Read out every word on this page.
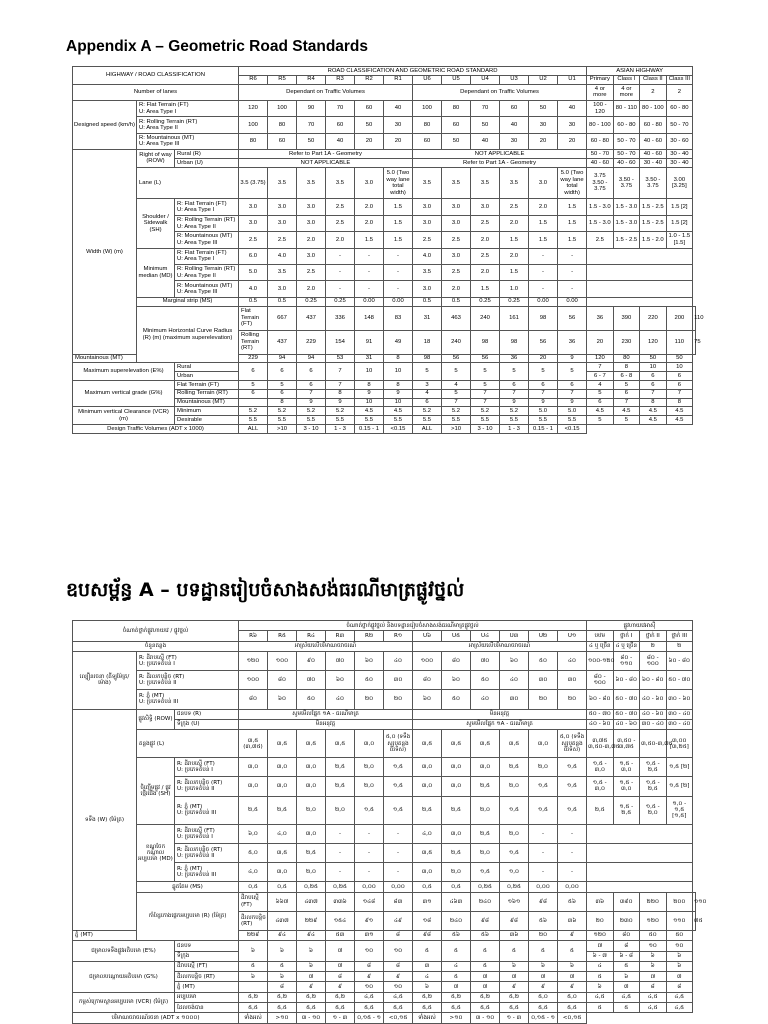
Appendix A – Geometric Road Standards
HIGHWAY / ROAD CLASSIFICATION			ROAD CLASSIFICATION AND GEOMETRIC ROAD STANDARD												ASIAN HIGHWAY				
			R6	R5	R4	R3	R2	R1	U6	U5	U4	U3	U2	U1	Primary	Class I	Class II	Class III	
Number of lanes			Dependant on Traffic Volumes						Dependant on Traffic Volumes						4 or more	4 or more	2	2	
Designed speed (km/h)	R: Flat Terrain (FT)
U: Area Type I		120	100	90	70	60	40	100	80	70	60	50	40	100 - 120	80 - 110	80 - 100	60 - 80	

	R: Rolling Terrain (RT)
U: Area Type II		100	80	70	60	50	30	80	60	50	40	30	30	80 - 100	60 - 80	60 - 80	50 - 70	

	R: Mountainous (MT)
U: Area Type III		80	60	50	40	20	20	60	50	40	30	20	20	60 - 80	50 - 70	40 - 60	30 - 60	
Width (W) (m)	Right of way (ROW)	Rural (R)	Refer to Part 1A - Geometry						NOT APPLICABLE						50 - 70	50 - 70	40 - 60	30 - 40	
		Urban (U)	NOT APPLICABLE						Refer to Part 1A - Geometry						40 - 60	40 - 60	30 - 40	30 - 40	
	Lane (L)		3.5 (3.75)	3.5	3.5	3.5	3.0	5.0 (Two way lane total width)	3.5	3.5	3.5	3.5	3.0	5.0 (Two way lane total width)	3.75 3.50 - 3.75	3.50 - 3.75	3.50 - 3.75	3.00 [3.25]	
	Shoulder / Sidewalk (SH)	R: Flat Terrain (FT)
U: Area Type I	3.0	3.0	3.0	2.5	2.0	1.5	3.0	3.0	3.0	2.5	2.0	1.5	1.5 - 3.0	1.5 - 3.0	1.5 - 2.5	1.5 [2]	

		R: Rolling Terrain (RT)
U: Area Type II	3.0	3.0	3.0	2.5	2.0	1.5	3.0	3.0	2.5	2.0	1.5	1.5	1.5 - 3.0	1.5 - 3.0	1.5 - 2.5	1.5 [2]	

		R: Mountainous (MT)
U: Area Type III	2.5	2.5	2.0	2.0	1.5	1.5	2.5	2.5	2.0	1.5	1.5	1.5	2.5	1.5 - 2.5	1.5 - 2.0	1.0 - 1.5 [1.5]	
	Minimum median (MD)	R: Flat Terrain (FT)
U: Area Type I	6.0	4.0	3.0	-	-	-	4.0	3.0	2.5	2.0	-	-					

		R: Rolling Terrain (RT)
U: Area Type II	5.0	3.5	2.5	-	-	-	3.5	2.5	2.0	1.5	-	-					

		R: Mountainous (MT)
U: Area Type III	4.0	3.0	2.0	-	-	-	3.0	2.0	1.5	1.0	-	-					
	Marginal strip (MS)		0.5	0.5	0.25	0.25	0.00	0.00	0.5	0.5	0.25	0.25	0.00	0.00					
	Minimum Horizontal Curve Radius (R) (m) (maximum superelevation)		Flat Terrain (FT)	667	437	336	148	83	31	463	240	161	98	56	36	390	220	200	110
			Rolling Terrain (RT)	437	229	154	91	49	18	240	98	98	56	36	20	230	120	110	75
Mountainous (MT)			229	94	94	53	31	8	98	56	56	36	20	9	120	80	50	50	
Maximum superelevation (E%)		Rural	6	6	6	7	10	10	5	5	5	5	5	5	7	8	10	10	
		Urban													6 - 7	6 - 8	6	6	
Maximum vertical grade (G%)		Flat Terrain (FT)	5	5	6	7	8	8	3	4	5	6	6	6	4	5	6	6	
		Rolling Terrain (RT)	6	6	7	8	9	9	4	5	7	7	7	7	5	6	7	7	
		Mountainous (MT)		8	9	9	10	10	6	7	7	9	9	9	6	7	8	8	
Minimum vertical Clearance (VCR) (m)		Minimum	5.2	5.2	5.2	5.2	4.5	4.5	5.2	5.2	5.2	5.2	5.0	5.0	4.5	4.5	4.5	4.5	
		Desirable	5.5	5.5	5.5	5.5	5.5	5.5	5.5	5.5	5.5	5.5	5.5	5.5	5	5	4.5	4.5	
Design Traffic Volumes (ADT x 1000)			ALL	>10	3 - 10	1 - 3	0.15 - 1	<0.15	ALL	>10	3 - 10	1 - 3	0.15 - 1	<0.15					
ឧបសម្ព័ន្ធ A – បទដ្ឋានរៀបចំសាងសង់ធរណីមាត្រផ្លូវថ្នល់
ចំណាត់ថ្នាក់ផ្លូវហាយវេ / ផ្លូវថ្នល់			ចំណាត់ថ្នាក់ផ្លូវថ្នល់ និងបទដ្ឋានរៀបចំសាងសង់ធរណីមាត្រផ្លូវថ្នល់												ផ្លូវហាយវេអាស៊ី				
			R៦	R៥	R៤	R៣	R២	R១	U៦	U៥	U៤	U៣	U២	U១	បឋម	ថ្នាក់ I	ថ្នាក់ II	ថ្នាក់ III	
ចំនួនគន្លង			អាស្រ័យលើបរិមាណចរាចរណ៍						អាស្រ័យលើបរិមាណចរាចរណ៍						៤ ឬ ច្រើន	៤ ឬ ច្រើន	២	២	
ល្បឿនរចនា (គីឡូម៉ែត្រ/ម៉ោង)	R: ដីរាបស្មើ (FT)
U: ប្រភេទតំបន់ I		១២០	១០០	៩០	៧០	៦០	៤០	១០០	៨០	៧០	៦០	៥០	៤០	១០០-១២០	៨០ - ១១០	៨០ - ១០០	៦០ - ៨០	

	R: ដីរលកបន្តិច (RT)
U: ប្រភេទតំបន់ II		១០០	៨០	៧០	៦០	៥០	៣០	៨០	៦០	៥០	៤០	៣០	៣០	៨០ - ១០០	៦០ - ៨០	៦០ - ៨០	៥០ - ៧០	

	R: ភ្នំ (MT)
U: ប្រភេទតំបន់ III		៨០	៦០	៥០	៤០	២០	២០	៦០	៥០	៤០	៣០	២០	២០	៦០ - ៨០	៥០ - ៧០	៤០ - ៦០	៣០ - ៦០	
ទទឹង (W) (ម៉ែត្រ)	ផ្លូវសិទ្ធិ (ROW)	ជនបទ (R)	សូមមើលផ្នែក ១A - ធរណីមាត្រ						មិនអនុវត្ត						៥០ - ៧០	៥០ - ៧០	៤០ - ៦០	៣០ - ៤០	
		ទីក្រុង (U)	មិនអនុវត្ត						សូមមើលផ្នែក ១A - ធរណីមាត្រ						៤០ - ៦០	៤០ - ៦០	៣០ - ៤០	៣០ - ៤០	
	គន្លងផ្លូវ (L)		៣,៥ (៣,៧៥)	៣,៥	៣,៥	៣,៥	៣,០	៥,០ (ទទឹងសរុបគន្លងពីរទិស)	៣,៥	៣,៥	៣,៥	៣,៥	៣,០	៥,០ (ទទឹងសរុបគន្លងពីរទិស)	៣,៧៥ ៣,៥០-៣,៧៥	៣,៥០ - ៣,៧៥	៣,៥០-៣,៧៥	៣,០០ [៣,២៥]	
	ចិញ្ចើមផ្លូវ / ផ្លូវថ្មើរជើង (SH)	R: ដីរាបស្មើ (FT)
U: ប្រភេទតំបន់ I	៣,០	៣,០	៣,០	២,៥	២,០	១,៥	៣,០	៣,០	៣,០	២,៥	២,០	១,៥	១,៥ - ៣,០	១,៥ - ៣,០	១,៥ - ២,៥	១,៥ [២]	

		R: ដីរលកបន្តិច (RT)
U: ប្រភេទតំបន់ II	៣,០	៣,០	៣,០	២,៥	២,០	១,៥	៣,០	៣,០	២,៥	២,០	១,៥	១,៥	១,៥ - ៣,០	១,៥ - ៣,០	១,៥ - ២,៥	១,៥ [២]	

		R: ភ្នំ (MT)
U: ប្រភេទតំបន់ III	២,៥	២,៥	២,០	២,០	១,៥	១,៥	២,៥	២,៥	២,០	១,៥	១,៥	១,៥	២,៥	១,៥ - ២,៥	១,៥ - ២,០	១,០ - ១,៥ [១,៥]	
	ខណ្ឌចែកកណ្តាលអប្បបរមា (MD)	R: ដីរាបស្មើ (FT)
U: ប្រភេទតំបន់ I	៦,០	៤,០	៣,០	-	-	-	៤,០	៣,០	២,៥	២,០	-	-					

		R: ដីរលកបន្តិច (RT)
U: ប្រភេទតំបន់ II	៥,០	៣,៥	២,៥	-	-	-	៣,៥	២,៥	២,០	១,៥	-	-					

		R: ភ្នំ (MT)
U: ប្រភេទតំបន់ III	៤,០	៣,០	២,០	-	-	-	៣,០	២,០	១,៥	១,០	-	-					
	ឆ្នូតគែម (MS)		០,៥	០,៥	០,២៥	០,២៥	០,០០	០,០០	០,៥	០,៥	០,២៥	០,២៥	០,០០	០,០០					
	កាំខ្សែកោងផ្តេកអប្បបរមា (R) (ម៉ែត្រ)		ដីរាបស្មើ (FT)	៦៦៧	៤៣៧	៣៣៦	១៤៨	៨៣	៣១	៤៦៣	២៤០	១៦១	៩៨	៥៦	៣៦	៣៩០	២២០	២០០	១១០
			ដីរលកបន្តិច (RT)	៤៣៧	២២៩	១៥៤	៩១	៤៩	១៨	២៤០	៩៨	៩៨	៥៦	៣៦	២០	២៣០	១២០	១១០	៧៥
ភ្នំ (MT)			២២៩	៩៤	៩៤	៥៣	៣១	៨	៩៨	៥៦	៥៦	៣៦	២០	៩	១២០	៨០	៥០	៥០	
ជម្រាលទទឹងផ្លូវអតិបរមា (E%)		ជនបទ	៦	៦	៦	៧	១០	១០	៥	៥	៥	៥	៥	៥	៧	៨	១០	១០	
		ទីក្រុង													៦ - ៧	៦ - ៨	៦	៦	
ជម្រាលបណ្តោយអតិបរមា (G%)		ដីរាបស្មើ (FT)	៥	៥	៦	៧	៨	៨	៣	៤	៥	៦	៦	៦	៤	៥	៦	៦	
		ដីរលកបន្តិច (RT)	៦	៦	៧	៨	៩	៩	៤	៥	៧	៧	៧	៧	៥	៦	៧	៧	
		ភ្នំ (MT)		៨	៩	៩	១០	១០	៦	៧	៧	៩	៩	៩	៦	៧	៨	៨	
កម្ពស់ក្រោមស្ពានអប្បបរមា (VCR) (ម៉ែត្រ)		អប្បបរមា	៥,២	៥,២	៥,២	៥,២	៤,៥	៤,៥	៥,២	៥,២	៥,២	៥,២	៥,០	៥,០	៤,៥	៤,៥	៤,៥	៤,៥	
		ដែលចង់បាន	៥,៥	៥,៥	៥,៥	៥,៥	៥,៥	៥,៥	៥,៥	៥,៥	៥,៥	៥,៥	៥,៥	៥,៥	៥	៥	៤,៥	៤,៥	
បរិមាណចរាចរណ៍រចនា (ADT x ១០០០)			ទាំងអស់	>១០	៣ - ១០	១ - ៣	០,១៥ - ១	<០,១៥	ទាំងអស់	>១០	៣ - ១០	១ - ៣	០,១៥ - ១	<០,១៥					
